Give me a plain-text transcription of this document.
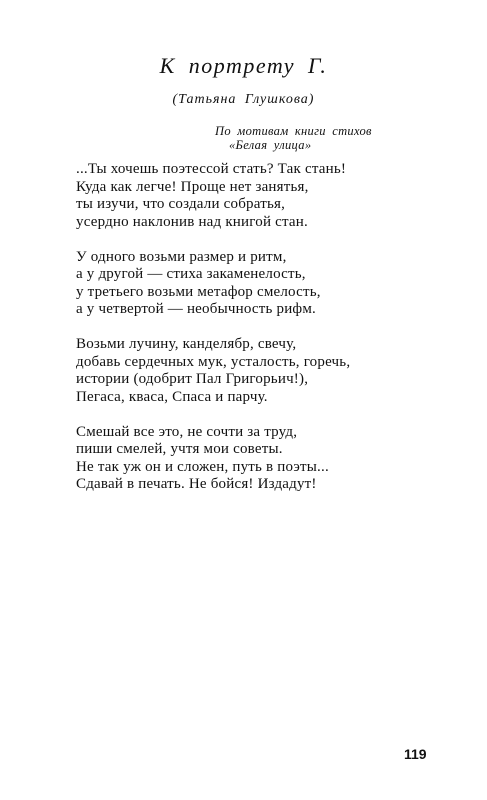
К портрету Г.
(Татьяна Глушкова)
По мотивам книги стихов
«Белая улица»
...Ты хочешь поэтессой стать? Так стань!
Куда как легче! Проще нет занятья,
ты изучи, что создали собратья,
усердно наклонив над книгой стан.
У одного возьми размер и ритм,
а у другой — стиха закаменелость,
у третьего возьми метафор смелость,
а у четвертой — необычность рифм.
Возьми лучину, канделябр, свечу,
добавь сердечных мук, усталость, горечь,
истории (одобрит Пал Григорьич!),
Пегаса, кваса, Спаса и парчу.
Смешай все это, не сочти за труд,
пиши смелей, учтя мои советы.
Не так уж он и сложен, путь в поэты...
Сдавай в печать. Не бойся! Издадут!
119
